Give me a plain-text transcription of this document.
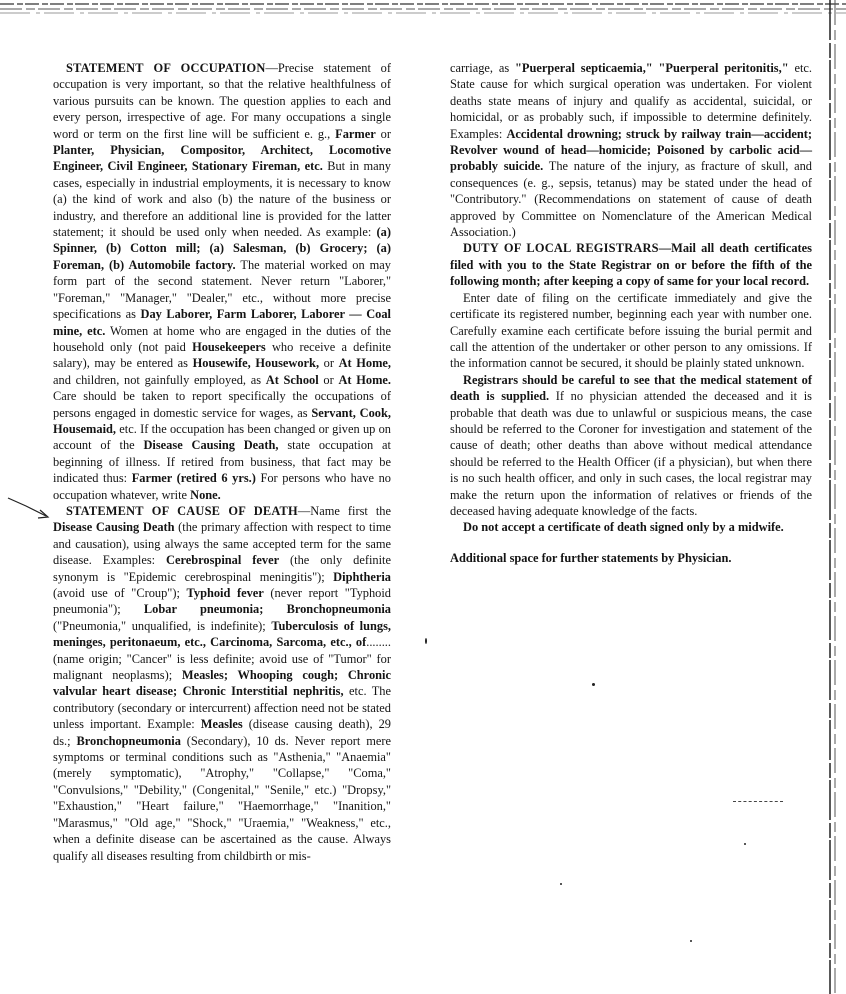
STATEMENT OF OCCUPATION—Precise statement of occupation is very important, so that the relative healthfulness of various pursuits can be known. The question applies to each and every person, irrespective of age. For many occupations a single word or term on the first line will be sufficient e. g., Farmer or Planter, Physician, Compositor, Architect, Locomotive Engineer, Civil Engineer, Stationary Fireman, etc. But in many cases, especially in industrial employments, it is necessary to know (a) the kind of work and also (b) the nature of the business or industry, and therefore an additional line is provided for the latter statement; it should be used only when needed. As example: (a) Spinner, (b) Cotton mill; (a) Salesman, (b) Grocery; (a) Foreman, (b) Automobile factory. The material worked on may form part of the second statement. Never return "Laborer," "Foreman," "Manager," "Dealer," etc., without more precise specifications as Day Laborer, Farm Laborer, Laborer — Coal mine, etc. Women at home who are engaged in the duties of the household only (not paid Housekeepers who receive a definite salary), may be entered as Housewife, Housework, or At Home, and children, not gainfully employed, as At School or At Home. Care should be taken to report specifically the occupations of persons engaged in domestic service for wages, as Servant, Cook, Housemaid, etc. If the occupation has been changed or given up on account of the Disease Causing Death, state occupation at beginning of illness. If retired from business, that fact may be indicated thus: Farmer (retired 6 yrs.) For persons who have no occupation whatever, write None.

STATEMENT OF CAUSE OF DEATH—Name first the Disease Causing Death (the primary affection with respect to time and causation), using always the same accepted term for the same disease. Examples: Cerebrospinal fever (the only definite synonym is "Epidemic cerebrospinal meningitis"); Diphtheria (avoid use of "Croup"); Typhoid fever (never report "Typhoid pneumonia"); Lobar pneumonia; Bronchopneumonia ("Pneumonia," unqualified, is indefinite); Tuberculosis of lungs, meninges, peritonaeum, etc., Carcinoma, Sarcoma, etc., of........ (name origin; "Cancer" is less definite; avoid use of "Tumor" for malignant neoplasms); Measles; Whooping cough; Chronic valvular heart disease; Chronic Interstitial nephritis, etc. The contributory (secondary or intercurrent) affection need not be stated unless important. Example: Measles (disease causing death), 29 ds.; Bronchopneumonia (Secondary), 10 ds. Never report mere symptoms or terminal conditions such as "Asthenia," "Anaemia" (merely symptomatic), "Atrophy," "Collapse," "Coma," "Convulsions," "Debility," (Congenital," "Senile," etc.) "Dropsy," "Exhaustion," "Heart failure," "Haemorrhage," "Inanition," "Marasmus," "Old age," "Shock," "Uraemia," "Weakness," etc., when a definite disease can be ascertained as the cause. Always qualify all diseases resulting from childbirth or mis-

carriage, as "Puerperal septicaemia," "Puerperal peritonitis," etc. State cause for which surgical operation was undertaken. For violent deaths state means of injury and qualify as accidental, suicidal, or homicidal, or as probably such, if impossible to determine definitely. Examples: Accidental drowning; struck by railway train—accident; Revolver wound of head—homicide; Poisoned by carbolic acid—probably suicide. The nature of the injury, as fracture of skull, and consequences (e. g., sepsis, tetanus) may be stated under the head of "Contributory." (Recommendations on statement of cause of death approved by Committee on Nomenclature of the American Medical Association.)

DUTY OF LOCAL REGISTRARS—Mail all death certificates filed with you to the State Registrar on or before the fifth of the following month; after keeping a copy of same for your local record.

Enter date of filing on the certificate immediately and give the certificate its registered number, beginning each year with number one. Carefully examine each certificate before issuing the burial permit and call the attention of the undertaker or other person to any omissions. If the information cannot be secured, it should be plainly stated unknown.

Registrars should be careful to see that the medical statement of death is supplied. If no physician attended the deceased and it is probable that death was due to unlawful or suspicious means, the case should be referred to the Coroner for investigation and statement of the cause of death; other deaths than above without medical attendance should be referred to the Health Officer (if a physician), but when there is no such health officer, and only in such cases, the local registrar may make the return upon the information of relatives or friends of the deceased having adequate knowledge of the facts.

Do not accept a certificate of death signed only by a midwife.

Additional space for further statements by Physician.
